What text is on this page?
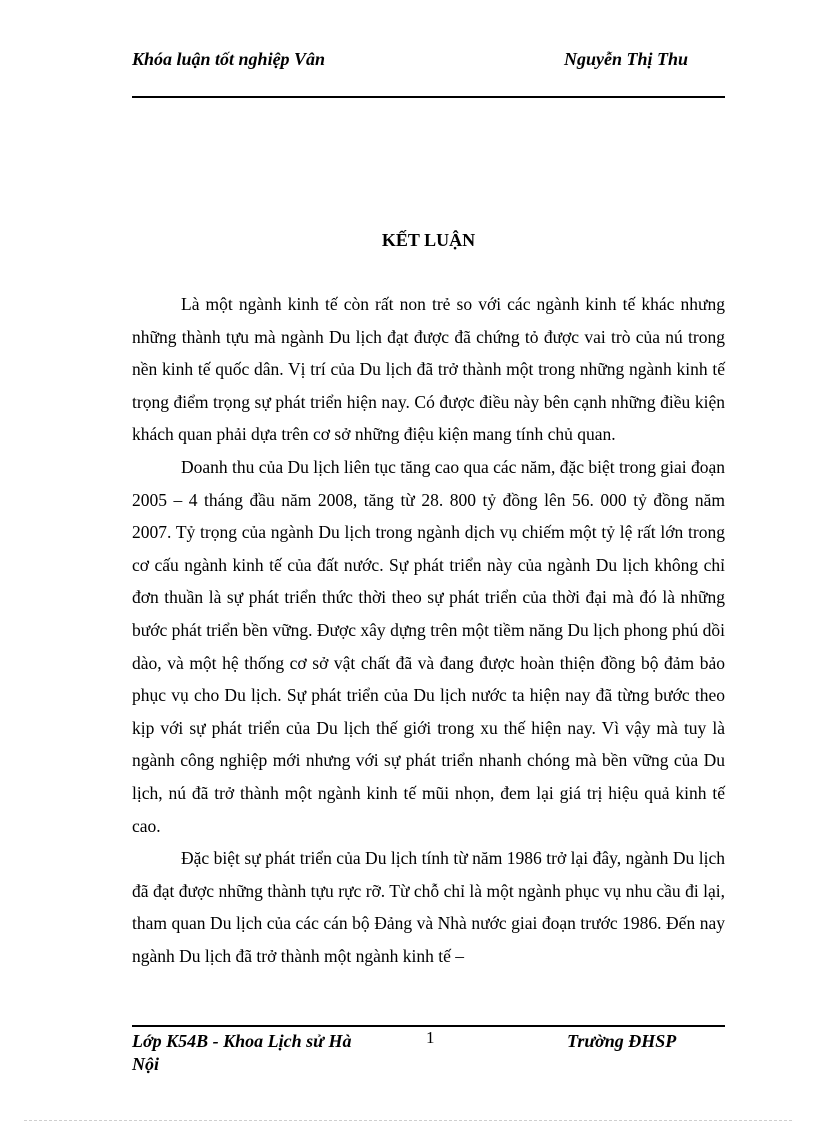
Khóa luận tốt nghiệp Vân	Nguyễn Thị Thu
KẾT LUẬN

Là một ngành kinh tế còn rất non trẻ so với các ngành kinh tế khác nhưng những thành tựu mà ngành Du lịch đạt được đã chứng tỏ được vai trò của nú trong nền kinh tế quốc dân. Vị trí của Du lịch đã trở thành một trong những ngành kinh tế trọng điểm trọng sự phát triển hiện nay. Có được điều này bên cạnh những điều kiện khách quan phải dựa trên cơ sở những điệu kiện mang tính chủ quan.

Doanh thu của Du lịch liên tục tăng cao qua các năm, đặc biệt trong giai đoạn 2005 – 4 tháng đầu năm 2008, tăng từ 28. 800 tỷ đồng lên 56. 000 tỷ đồng năm 2007. Tỷ trọng của ngành Du lịch trong ngành dịch vụ chiếm một tỷ lệ rất lớn trong cơ cấu ngành kinh tế của đất nước. Sự phát triển này của ngành Du lịch không chỉ đơn thuần là sự phát triển thức thời theo sự phát triển của thời đại mà đó là những bước phát triển bền vững. Được xây dựng trên một tiềm năng Du lịch phong phú dồi dào, và một hệ thống cơ sở vật chất đã và đang được hoàn thiện đồng bộ đảm bảo phục vụ cho Du lịch. Sự phát triển của Du lịch nước ta hiện nay đã từng bước theo kịp với sự phát triển của Du lịch thế giới trong xu thế hiện nay. Vì vậy mà tuy là ngành công nghiệp mới nhưng với sự phát triển nhanh chóng mà bền vững của Du lịch, nú đã trở thành một ngành kinh tế mũi nhọn, đem lại giá trị hiệu quả kinh tế cao.

Đặc biệt sự phát triển của Du lịch tính từ năm 1986 trở lại đây, ngành Du lịch đã đạt được những thành tựu rực rỡ. Từ chỗ chỉ là một ngành phục vụ nhu cầu đi lại, tham quan Du lịch của các cán bộ Đảng và Nhà nước giai đoạn trước 1986. Đến nay ngành Du lịch đã trở thành một ngành kinh tế –

Lớp K54B - Khoa Lịch sử Hà Nội
1	Trường ĐHSP
